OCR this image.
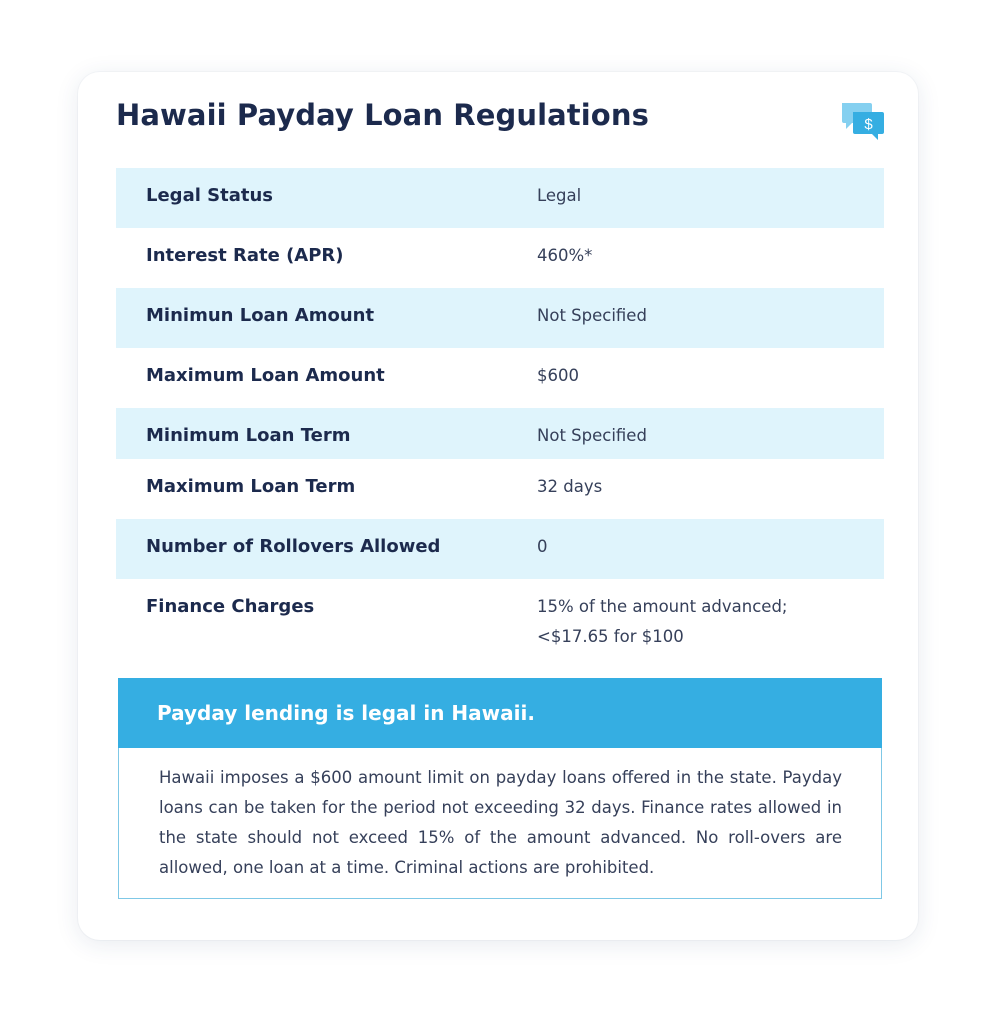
Hawaii Payday Loan Regulations	$
Legal Status	Legal
Interest Rate (APR)	460%*
Minimun Loan Amount	Not Specified
Maximum Loan Amount	$600
Minimum Loan Term	Not Specified
Maximum Loan Term	32 days
Number of Rollovers Allowed	0
Finance Charges	15% of the amount advanced;
<$17.65 for $100
Payday lending is legal in Hawaii.
Hawaii imposes a $600 amount limit on payday loans offered in the state. Payday loans can be taken for the period not exceeding 32 days. Finance rates allowed in the state should not exceed 15% of the amount advanced. No roll-overs are allowed, one loan at a time. Criminal actions are prohibited.
